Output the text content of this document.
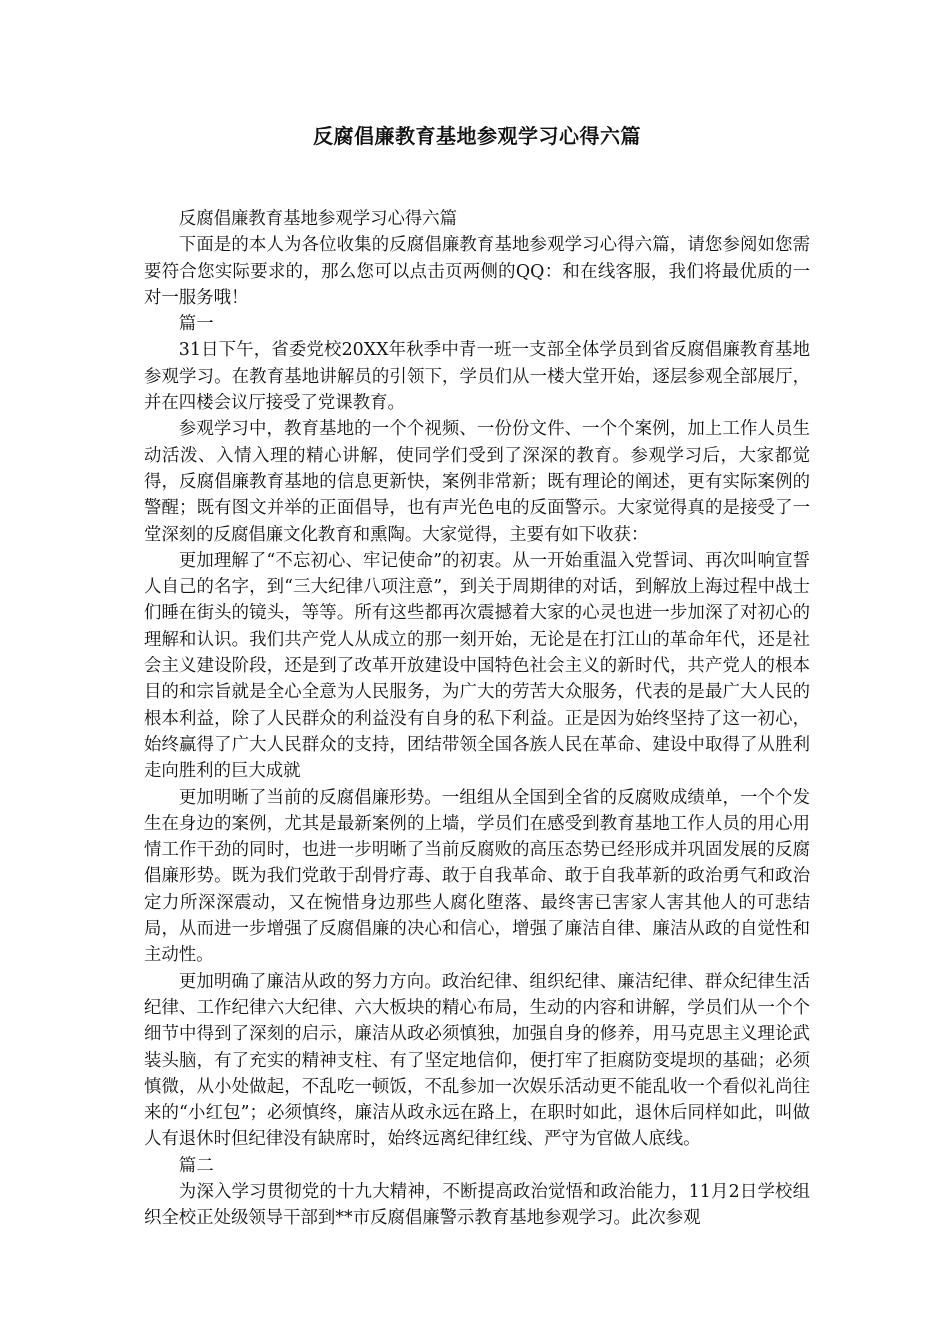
反腐倡廉教育基地参观学习心得六篇

反腐倡廉教育基地参观学习心得六篇

下面是的本人为各位收集的反腐倡廉教育基地参观学习心得六篇，请您参阅如您需要符合您实际要求的，那么您可以点击页两侧的QQ：和在线客服，我们将最优质的一对一服务哦！

篇一

31日下午，省委党校20XX年秋季中青一班一支部全体学员到省反腐倡廉教育基地参观学习。在教育基地讲解员的引领下，学员们从一楼大堂开始，逐层参观全部展厅，并在四楼会议厅接受了党课教育。

参观学习中，教育基地的一个个视频、一份份文件、一个个案例，加上工作人员生动活泼、入情入理的精心讲解，使同学们受到了深深的教育。参观学习后，大家都觉得，反腐倡廉教育基地的信息更新快，案例非常新；既有理论的阐述，更有实际案例的警醒；既有图文并举的正面倡导，也有声光色电的反面警示。大家觉得真的是接受了一堂深刻的反腐倡廉文化教育和熏陶。大家觉得，主要有如下收获：

更加理解了“不忘初心、牢记使命”的初衷。从一开始重温入党誓词、再次叫响宣誓人自己的名字，到“三大纪律八项注意”，到关于周期律的对话，到解放上海过程中战士们睡在街头的镜头，等等。所有这些都再次震撼着大家的心灵也进一步加深了对初心的理解和认识。我们共产党人从成立的那一刻开始，无论是在打江山的革命年代，还是社会主义建设阶段，还是到了改革开放建设中国特色社会主义的新时代，共产党人的根本目的和宗旨就是全心全意为人民服务，为广大的劳苦大众服务，代表的是最广大人民的根本利益，除了人民群众的利益没有自身的私下利益。正是因为始终坚持了这一初心，始终赢得了广大人民群众的支持，团结带领全国各族人民在革命、建设中取得了从胜利走向胜利的巨大成就

更加明晰了当前的反腐倡廉形势。一组组从全国到全省的反腐败成绩单，一个个发生在身边的案例，尤其是最新案例的上墙，学员们在感受到教育基地工作人员的用心用情工作干劲的同时，也进一步明晰了当前反腐败的高压态势已经形成并巩固发展的反腐倡廉形势。既为我们党敢于刮骨疗毒、敢于自我革命、敢于自我革新的政治勇气和政治定力所深深震动，又在惋惜身边那些人腐化堕落、最终害已害家人害其他人的可悲结局，从而进一步增强了反腐倡廉的决心和信心，增强了廉洁自律、廉洁从政的自觉性和主动性。

更加明确了廉洁从政的努力方向。政治纪律、组织纪律、廉洁纪律、群众纪律生活纪律、工作纪律六大纪律、六大板块的精心布局，生动的内容和讲解，学员们从一个个细节中得到了深刻的启示，廉洁从政必须慎独，加强自身的修养，用马克思主义理论武装头脑，有了充实的精神支柱、有了坚定地信仰，便打牢了拒腐防变堤坝的基础；必须慎微，从小处做起，不乱吃一顿饭，不乱参加一次娱乐活动更不能乱收一个看似礼尚往来的“小红包”；必须慎终，廉洁从政永远在路上，在职时如此，退休后同样如此，叫做人有退休时但纪律没有缺席时，始终远离纪律红线、严守为官做人底线。

篇二

为深入学习贯彻党的十九大精神，不断提高政治觉悟和政治能力，11月2日学校组织全校正处级领导干部到**市反腐倡廉警示教育基地参观学习。此次参观
